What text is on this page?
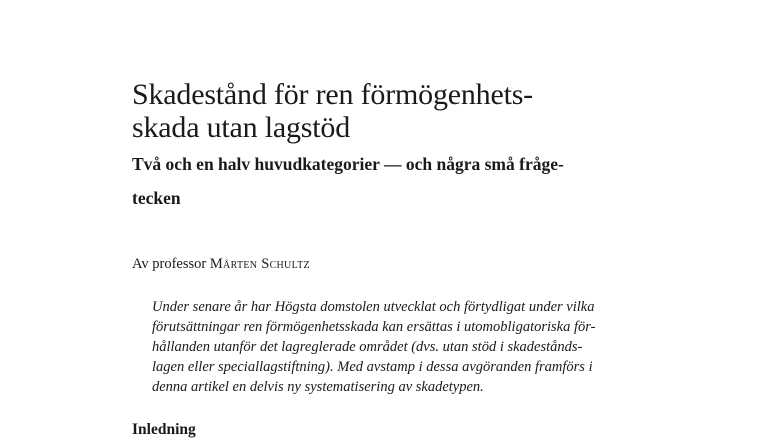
Skadestånd för ren förmögenhets-
skada utan lagstöd
Två och en halv huvudkategorier — och några små fråge-
tecken

Av professor Mårten Schultz

Under senare år har Högsta domstolen utvecklat och förtydligat under vilka
förutsättningar ren förmögenhetsskada kan ersättas i utomobligatoriska för-
hållanden utanför det lagreglerade området (dvs. utan stöd i skadestånds-
lagen eller speciallagstiftning). Med avstamp i dessa avgöranden framförs i
denna artikel en delvis ny systematisering av skadetypen.

Inledning
